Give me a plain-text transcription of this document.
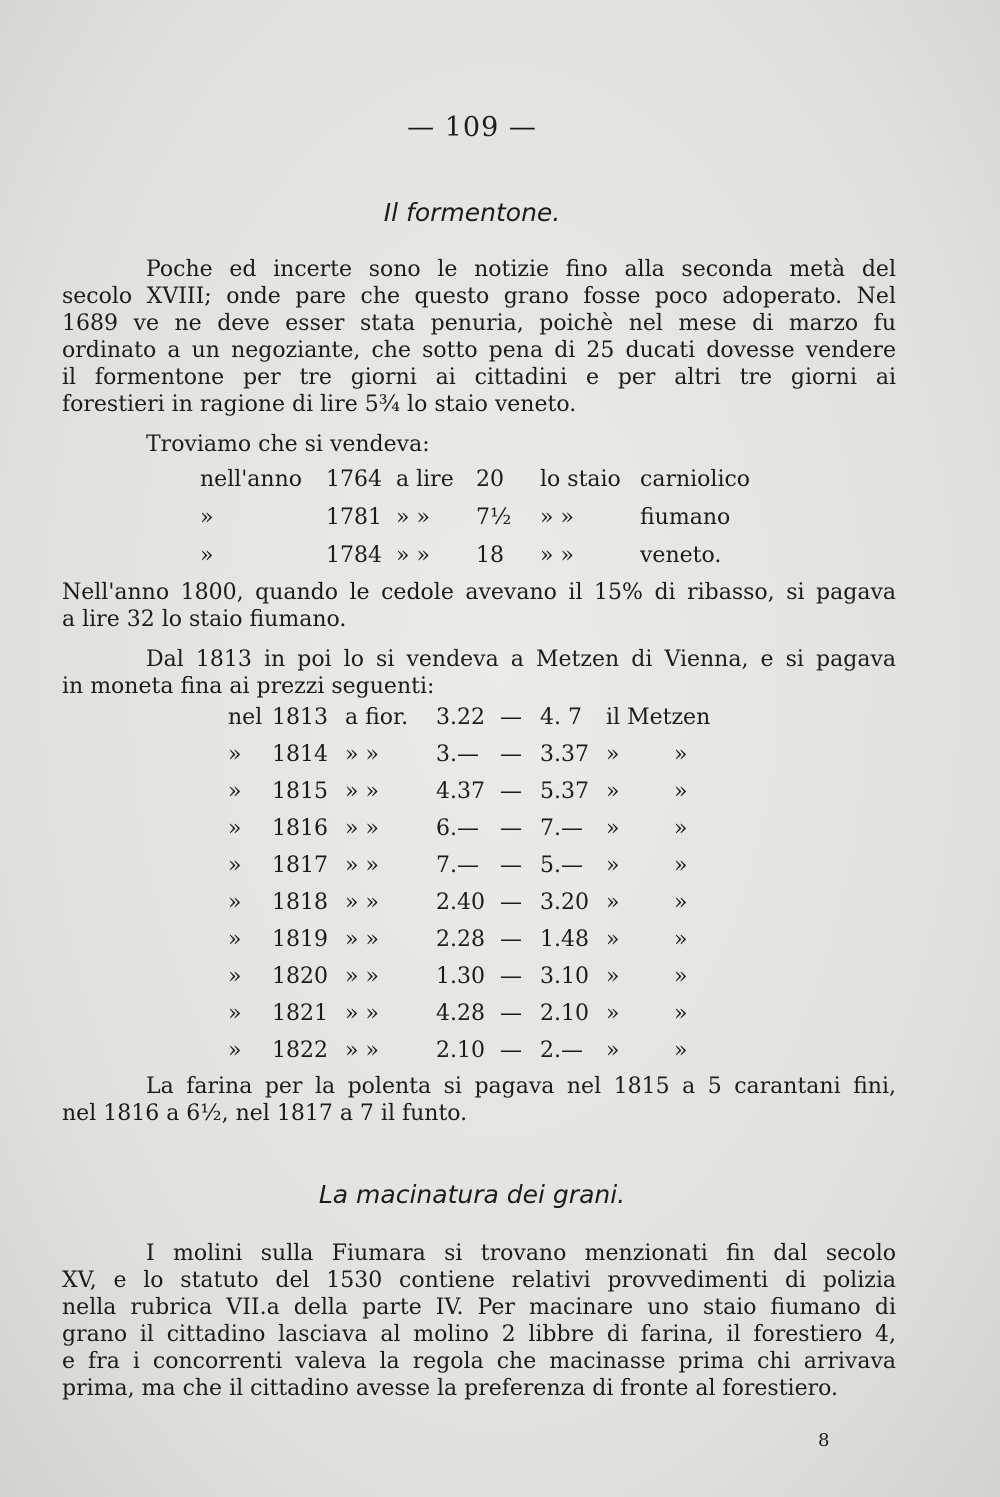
— 109 —
Il formentone.
Poche ed incerte sono le notizie fino alla seconda metà del
secolo XVIII; onde pare che questo grano fosse poco adoperato. Nel
1689 ve ne deve esser stata penuria, poichè nel mese di marzo fu
ordinato a un negoziante, che sotto pena di 25 ducati dovesse vendere
il formentone per tre giorni ai cittadini e per altri tre giorni ai
forestieri in ragione di lire 5¾ lo staio veneto.
Troviamo che si vendeva:
nell'anno 1764 a lire 20 lo staio carniolico
»	1781 » » 7½ » »	fiumano
»	1784 » » 18 » »	veneto.
Nell'anno 1800, quando le cedole avevano il 15% di ribasso, si pagava
a lire 32 lo staio fiumano.
Dal 1813 in poi lo si vendeva a Metzen di Vienna, e si pagava
in moneta fina ai prezzi seguenti:
nel 1813 a fior. 3.22 — 4. 7 il Metzen
» 1814 » »	3.— — 3.37 » »
» 1815 » »	4.37 — 5.37 » »
» 1816 » »	6.— — 7.— » »
» 1817 » »	7.— — 5.— » »
» 1818 » »	2.40 — 3.20 » »
» 1819 » »	2.28 — 1.48 » »
» 1820 » »	1.30 — 3.10 » »
» 1821 » »	4.28 — 2.10 » »
» 1822 » »	2.10 — 2.— » »
La farina per la polenta si pagava nel 1815 a 5 carantani fini,
nel 1816 a 6½, nel 1817 a 7 il funto.
La macinatura dei grani.
I molini sulla Fiumara si trovano menzionati fin dal secolo
XV, e lo statuto del 1530 contiene relativi provvedimenti di polizia
nella rubrica VII.a della parte IV. Per macinare uno staio fiumano di
grano il cittadino lasciava al molino 2 libbre di farina, il forestiero 4,
e fra i concorrenti valeva la regola che macinasse prima chi arrivava
prima, ma che il cittadino avesse la preferenza di fronte al forestiero.
8
